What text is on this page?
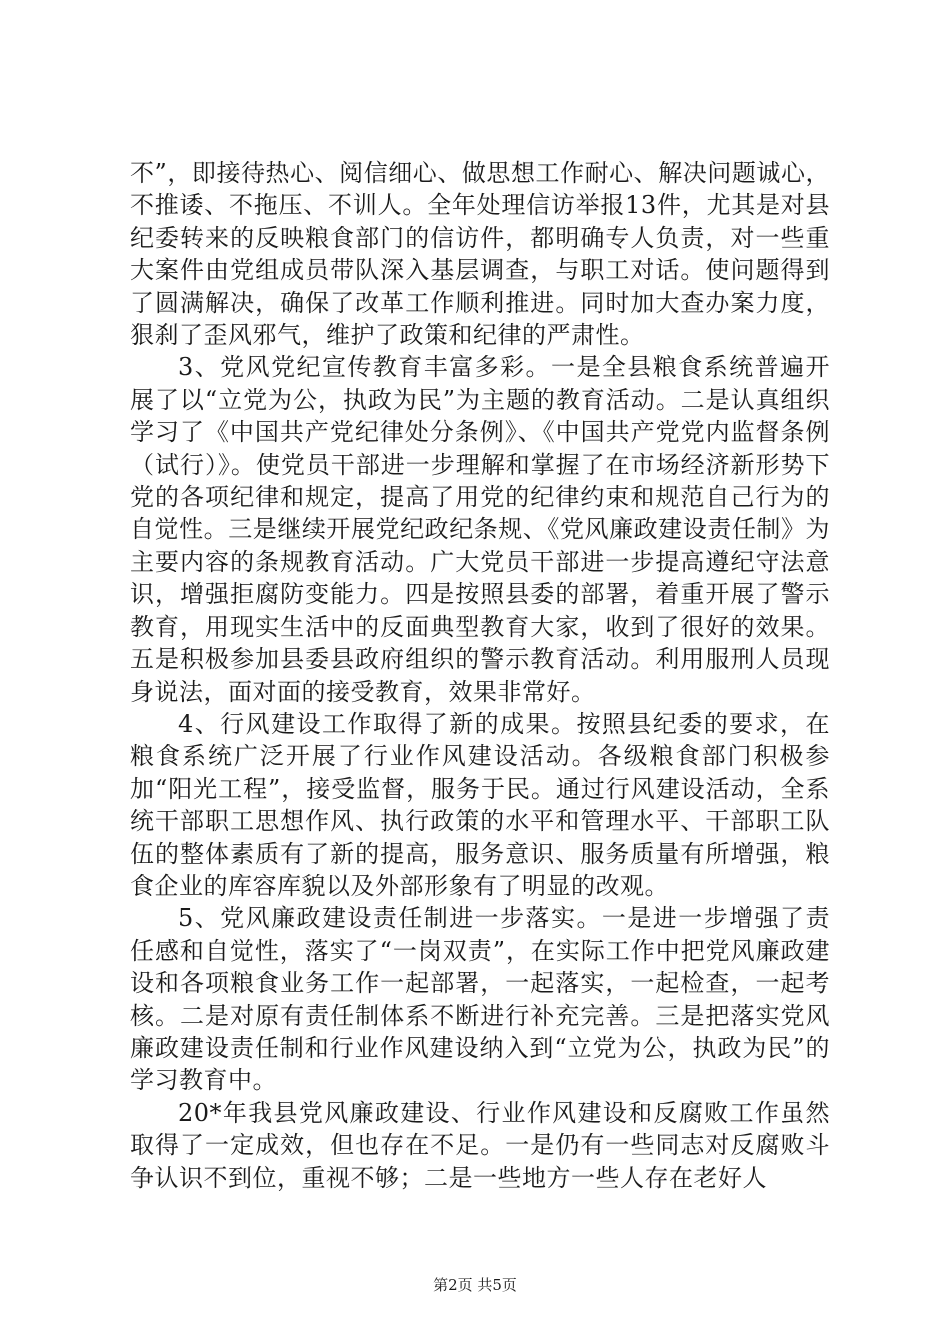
不”，即接待热心、阅信细心、做思想工作耐心、解决问题诚心，不推诿、不拖压、不训人。全年处理信访举报13件，尤其是对县纪委转来的反映粮食部门的信访件，都明确专人负责，对一些重大案件由党组成员带队深入基层调查，与职工对话。使问题得到了圆满解决，确保了改革工作顺利推进。同时加大查办案力度，狠刹了歪风邪气，维护了政策和纪律的严肃性。

3、党风党纪宣传教育丰富多彩。一是全县粮食系统普遍开展了以“立党为公，执政为民”为主题的教育活动。二是认真组织学习了《中国共产党纪律处分条例》、《中国共产党党内监督条例（试行）》。使党员干部进一步理解和掌握了在市场经济新形势下党的各项纪律和规定，提高了用党的纪律约束和规范自己行为的自觉性。三是继续开展党纪政纪条规、《党风廉政建设责任制》为主要内容的条规教育活动。广大党员干部进一步提高遵纪守法意识，增强拒腐防变能力。四是按照县委的部署，着重开展了警示教育，用现实生活中的反面典型教育大家，收到了很好的效果。五是积极参加县委县政府组织的警示教育活动。利用服刑人员现身说法，面对面的接受教育，效果非常好。

4、行风建设工作取得了新的成果。按照县纪委的要求，在粮食系统广泛开展了行业作风建设活动。各级粮食部门积极参加“阳光工程”，接受监督，服务于民。通过行风建设活动，全系统干部职工思想作风、执行政策的水平和管理水平、干部职工队伍的整体素质有了新的提高，服务意识、服务质量有所增强，粮食企业的库容库貌以及外部形象有了明显的改观。

5、党风廉政建设责任制进一步落实。一是进一步增强了责任感和自觉性，落实了“一岗双责”，在实际工作中把党风廉政建设和各项粮食业务工作一起部署，一起落实，一起检查，一起考核。二是对原有责任制体系不断进行补充完善。三是把落实党风廉政建设责任制和行业作风建设纳入到“立党为公，执政为民”的学习教育中。

20*年我县党风廉政建设、行业作风建设和反腐败工作虽然取得了一定成效，但也存在不足。一是仍有一些同志对反腐败斗争认识不到位，重视不够；二是一些地方一些人存在老好人

第2页 共5页
